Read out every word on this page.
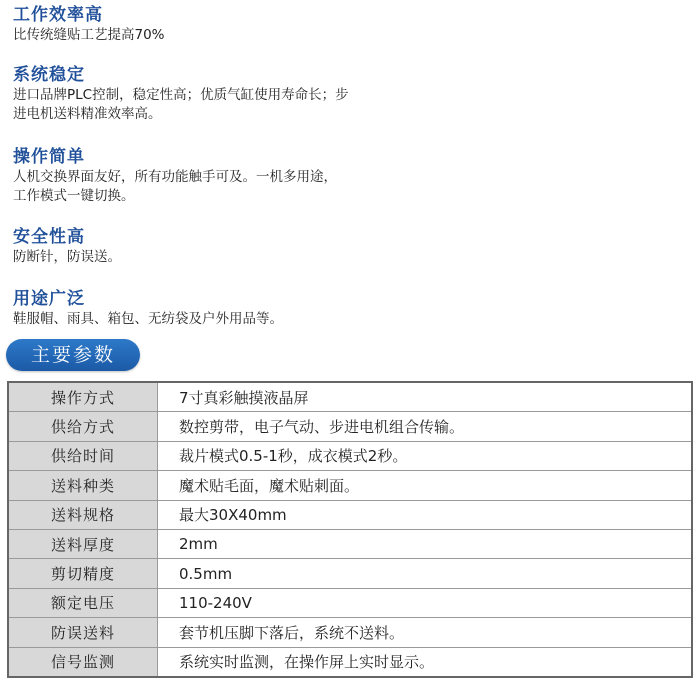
工作效率高

比传统缝贴工艺提高70%

系统稳定

进口品牌PLC控制，稳定性高；优质气缸使用寿命长；步

进电机送料精准效率高。

操作简单

人机交换界面友好，所有功能触手可及。一机多用途，

工作模式一键切换。

安全性高

防断针，防误送。

用途广泛

鞋服帽、雨具、箱包、无纺袋及户外用品等。

主要参数
操作方式	7寸真彩触摸液晶屏
供给方式	数控剪带，电子气动、步进电机组合传输。
供给时间	裁片模式0.5-1秒，成衣模式2秒。
送料种类	魔术贴毛面，魔术贴刺面。
送料规格	最大30X40mm
送料厚度	2mm
剪切精度	0.5mm
额定电压	110-240V
防误送料	套节机压脚下落后，系统不送料。
信号监测	系统实时监测，在操作屏上实时显示。
